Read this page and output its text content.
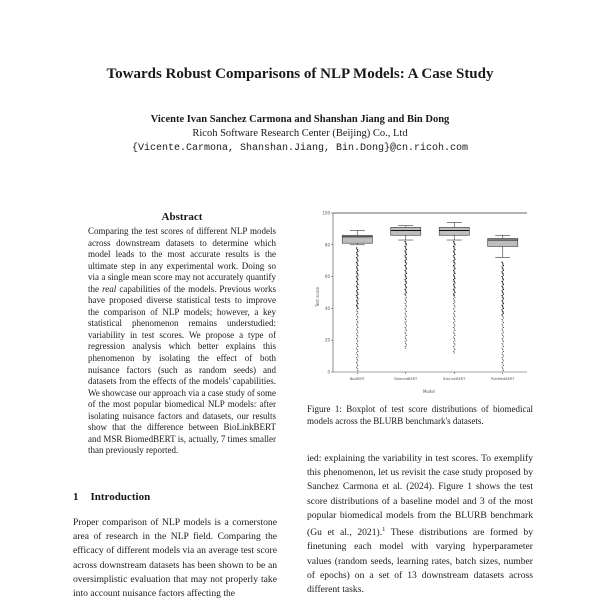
Towards Robust Comparisons of NLP Models: A Case Study
Vicente Ivan Sanchez Carmona and Shanshan Jiang and Bin Dong
Ricoh Software Research Center (Beijing) Co., Ltd
{Vicente.Carmona, Shanshan.Jiang, Bin.Dong}@cn.ricoh.com
Abstract
Comparing the test scores of different NLP models across downstream datasets to determine which model leads to the most accurate results is the ultimate step in any experimental work. Doing so via a single mean score may not accurately quantify the real capabilities of the models. Previous works have proposed diverse statistical tests to improve the comparison of NLP models; however, a key statistical phenomenon remains understudied: variability in test scores. We propose a type of regression analysis which better explains this phenomenon by isolating the effect of both nuisance factors (such as random seeds) and datasets from the effects of the models' capabilities. We showcase our approach via a case study of some of the most popular biomedical NLP models: after isolating nuisance factors and datasets, our results show that the difference between BioLinkBERT and MSR BiomedBERT is, actually, 7 times smaller than previously reported.
1 Introduction
Proper comparison of NLP models is a cornerstone area of research in the NLP field. Comparing the efficacy of different models via an average test score across downstream datasets has been shown to be an oversimplistic evaluation that may not properly take into account nuisance factors affecting the
0
20
40
60
80
100
BioBERT	BiomedBERT	BioLinkBERT	PubMedBERT
Test score
Model
Figure 1: Boxplot of test score distributions of biomedical models across the BLURB benchmark's datasets.
ied: explaining the variability in test scores. To exemplify this phenomenon, let us revisit the case study proposed by Sanchez Carmona et al. (2024). Figure 1 shows the test score distributions of a baseline model and 3 of the most popular biomedical models from the BLURB benchmark (Gu et al., 2021).$^1$ These distributions are formed by finetuning each model with varying hyperparameter values (random seeds, learning rates, batch sizes, number of epochs) on a set of 13 downstream datasets across different tasks.
